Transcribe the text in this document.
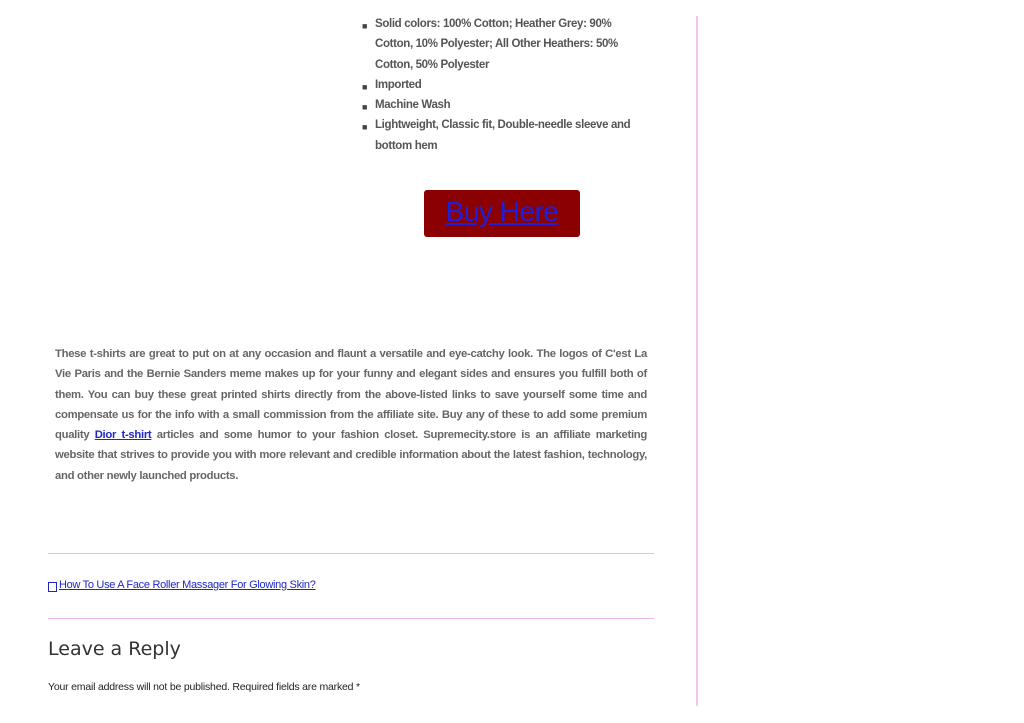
■ Solid colors: 100% Cotton; Heather Grey: 90% Cotton, 10% Polyester; All Other Heathers: 50% Cotton, 50% Polyester
■ Imported
■ Machine Wash
■ Lightweight, Classic fit, Double-needle sleeve and bottom hem
Buy Here

These t-shirts are great to put on at any occasion and flaunt a versatile and eye-catchy look. The logos of C'est La Vie Paris and the Bernie Sanders meme makes up for your funny and elegant sides and ensures you fulfill both of them. You can buy these great printed shirts directly from the above-listed links to save yourself some time and compensate us for the info with a small commission from the affiliate site. Buy any of these to add some premium quality Dior t-shirt articles and some humor to your fashion closet. Supremecity.store is an affiliate marketing website that strives to provide you with more relevant and credible information about the latest fashion, technology, and other newly launched products.

How To Use A Face Roller Massager For Glowing Skin?
Leave a Reply

Your email address will not be published. Required fields are marked *
